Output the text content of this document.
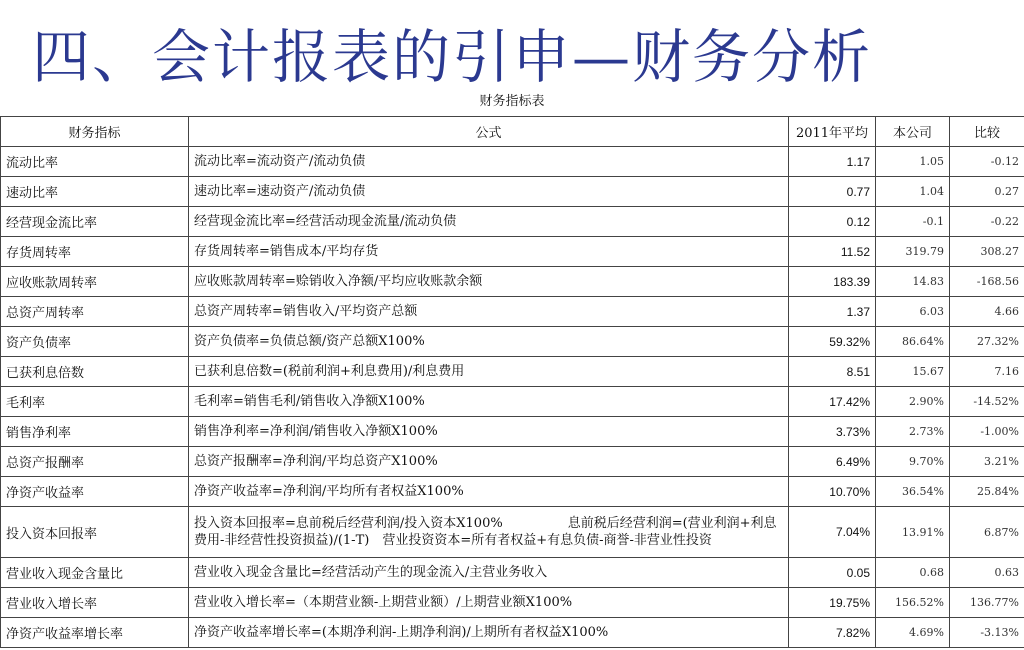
四、会计报表的引申—财务分析
财务指标表
财务指标	公式	2011年平均	本公司	比较
流动比率	流动比率=流动资产/流动负债	1.17	1.05	-0.12
速动比率	速动比率=速动资产/流动负债	0.77	1.04	0.27
经营现金流比率	经营现金流比率=经营活动现金流量/流动负债	0.12	-0.1	-0.22
存货周转率	存货周转率=销售成本/平均存货	11.52	319.79	308.27
应收账款周转率	应收账款周转率=赊销收入净额/平均应收账款余额	183.39	14.83	-168.56
总资产周转率	总资产周转率=销售收入/平均资产总额	1.37	6.03	4.66
资产负债率	资产负债率=负债总额/资产总额X100%	59.32%	86.64%	27.32%
已获利息倍数	已获利息倍数=(税前利润+利息费用)/利息费用	8.51	15.67	7.16
毛利率	毛利率=销售毛利/销售收入净额X100%	17.42%	2.90%	-14.52%
销售净利率	销售净利率=净利润/销售收入净额X100%	3.73%	2.73%	-1.00%
总资产报酬率	总资产报酬率=净利润/平均总资产X100%	6.49%	9.70%	3.21%
净资产收益率	净资产收益率=净利润/平均所有者权益X100%	10.70%	36.54%	25.84%
投入资本回报率	投入资本回报率=息前税后经营利润/投入资本X100%　　　　　息前税后经营利润=(营业利润+利息费用-非经营性投资损益)/(1-T)　营业投资资本=所有者权益+有息负债-商誉-非营业性投资	7.04%	13.91%	6.87%
营业收入现金含量比	营业收入现金含量比=经营活动产生的现金流入/主营业务收入	0.05	0.68	0.63
营业收入增长率	营业收入增长率=（本期营业额-上期营业额）/上期营业额X100%	19.75%	156.52%	136.77%
净资产收益率增长率	净资产收益率增长率=(本期净利润-上期净利润)/上期所有者权益X100%	7.82%	4.69%	-3.13%
